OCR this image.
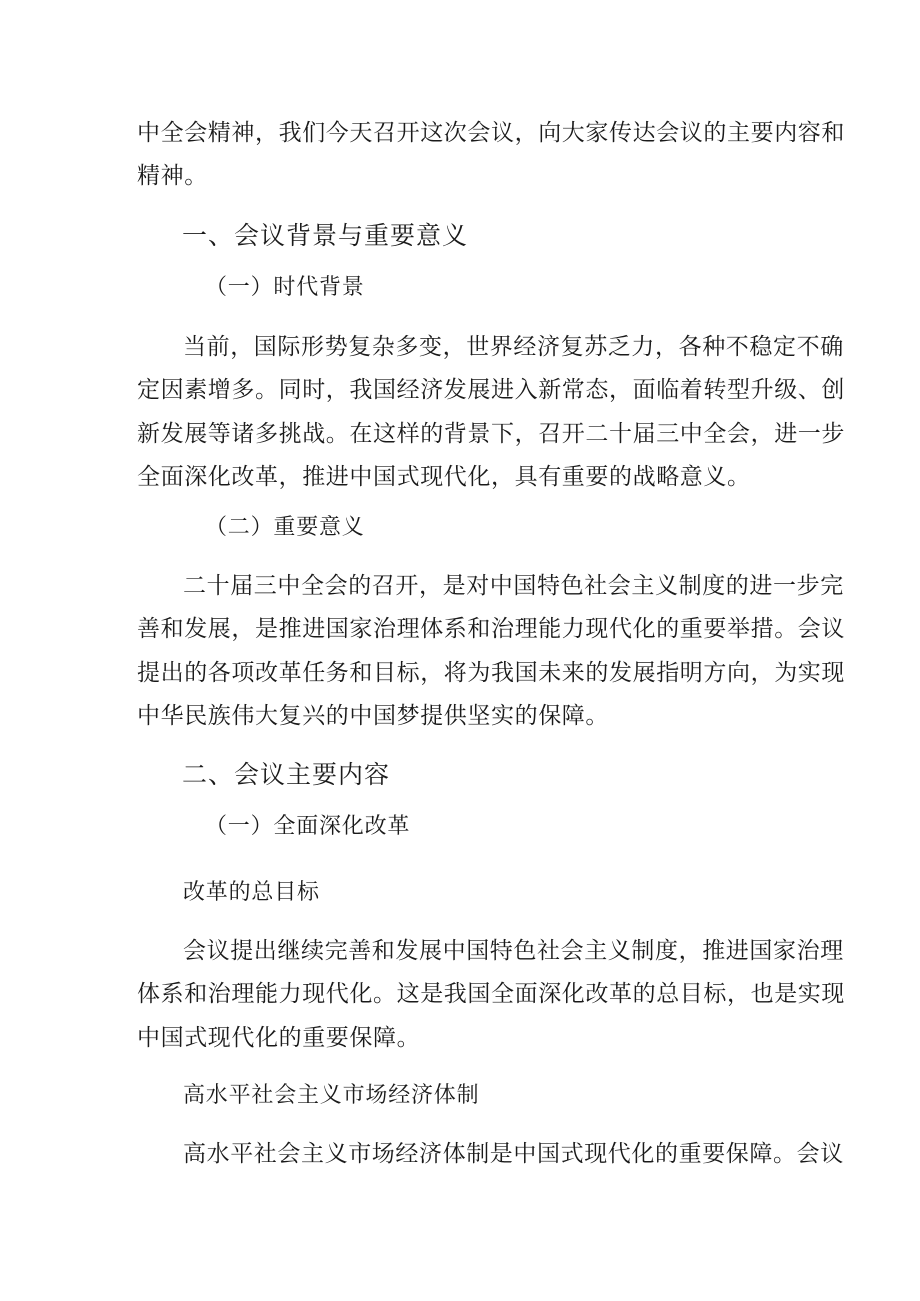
中全会精神，我们今天召开这次会议，向大家传达会议的主要内容和
精神。
一、会议背景与重要意义
（一）时代背景
当前，国际形势复杂多变，世界经济复苏乏力，各种不稳定不确
定因素增多。同时，我国经济发展进入新常态，面临着转型升级、创
新发展等诸多挑战。在这样的背景下，召开二十届三中全会，进一步
全面深化改革，推进中国式现代化，具有重要的战略意义。
（二）重要意义
二十届三中全会的召开，是对中国特色社会主义制度的进一步完
善和发展，是推进国家治理体系和治理能力现代化的重要举措。会议
提出的各项改革任务和目标，将为我国未来的发展指明方向，为实现
中华民族伟大复兴的中国梦提供坚实的保障。
二、会议主要内容
（一）全面深化改革
改革的总目标
会议提出继续完善和发展中国特色社会主义制度，推进国家治理
体系和治理能力现代化。这是我国全面深化改革的总目标，也是实现
中国式现代化的重要保障。
高水平社会主义市场经济体制
高水平社会主义市场经济体制是中国式现代化的重要保障。会议
